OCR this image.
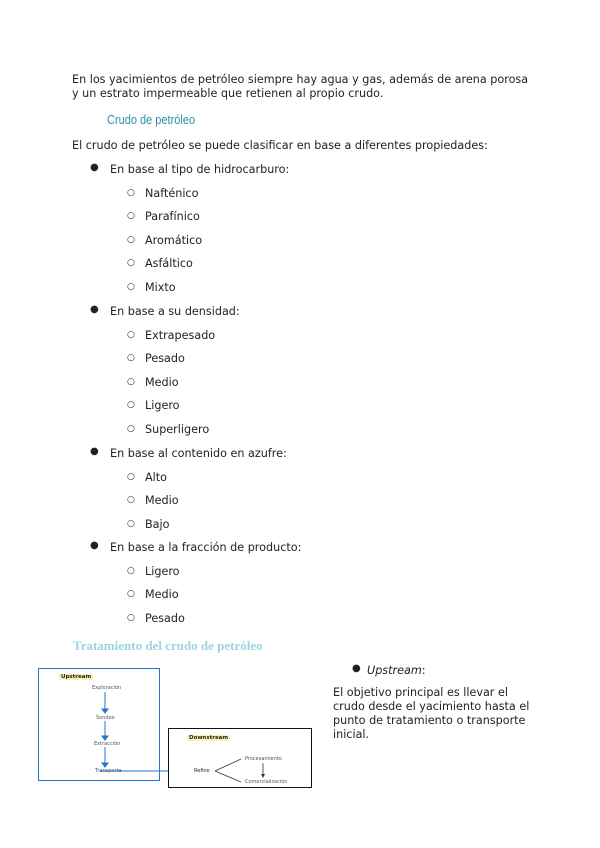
En los yacimientos de petróleo siempre hay agua y gas, además de arena porosa

y un estrato impermeable que retienen al propio crudo.

Crudo de petróleo

El crudo de petróleo se puede clasificar en base a diferentes propiedades:

● En base al tipo de hidrocarburo:
○ Nafténico
○ Parafínico
○ Aromático
○ Asfáltico
○ Mixto
● En base a su densidad:
○ Extrapesado
○ Pesado
○ Medio
○ Ligero
○ Superligero
● En base al contenido en azufre:
○ Alto
○ Medio
○ Bajo
● En base a la fracción de producto:
○ Ligero
○ Medio
○ Pesado
Tratamiento del crudo de petróleo
Upstream
Exploración
Sondeo
Extracción
Transporte
Downstream
Refino
Procesamiento
Comercialización
● Upstream:

El objetivo principal es llevar el

crudo desde el yacimiento hasta el

punto de tratamiento o transporte

inicial.
